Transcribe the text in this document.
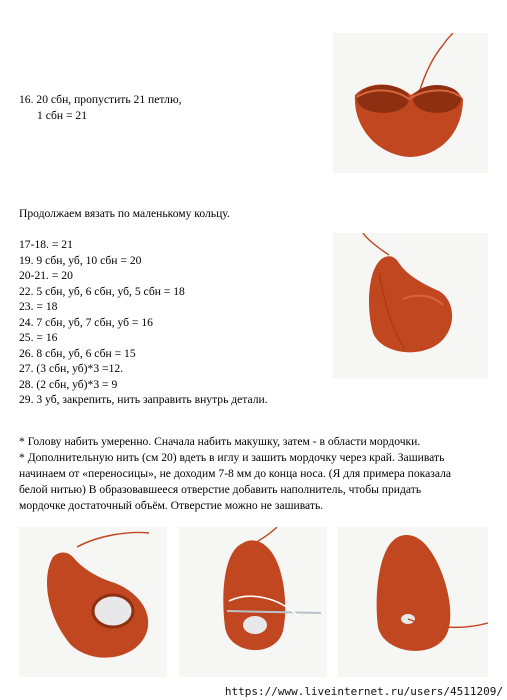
16. 20 сбн, пропустить 21 петлю,

1 сбн = 21

Продолжаем вязать по маленькому кольцу.

17-18. = 21

19. 9 сбн, уб, 10 сбн = 20

20-21. = 20

22. 5 сбн, уб, 6 сбн, уб, 5 сбн = 18

23. = 18

24. 7 сбн, уб, 7 сбн, уб = 16

25. = 16

26. 8 сбн, уб, 6 сбн = 15

27. (3 сбн, уб)*3 =12.

28. (2 сбн, уб)*3 = 9

29. 3 уб, закрепить, нить заправить внутрь детали.

* Голову набить умеренно. Сначала набить макушку, затем - в области мордочки.

* Дополнительную нить (см 20) вдеть в иглу и зашить мордочку через край. Зашивать

начинаем от «переносицы», не доходим 7-8 мм до конца носа. (Я для примера показала

белой нитью) В образовавшееся отверстие добавить наполнитель, чтобы придать

мордочке достаточный объём. Отверстие можно не зашивать.

https://www.liveinternet.ru/users/4511209/
